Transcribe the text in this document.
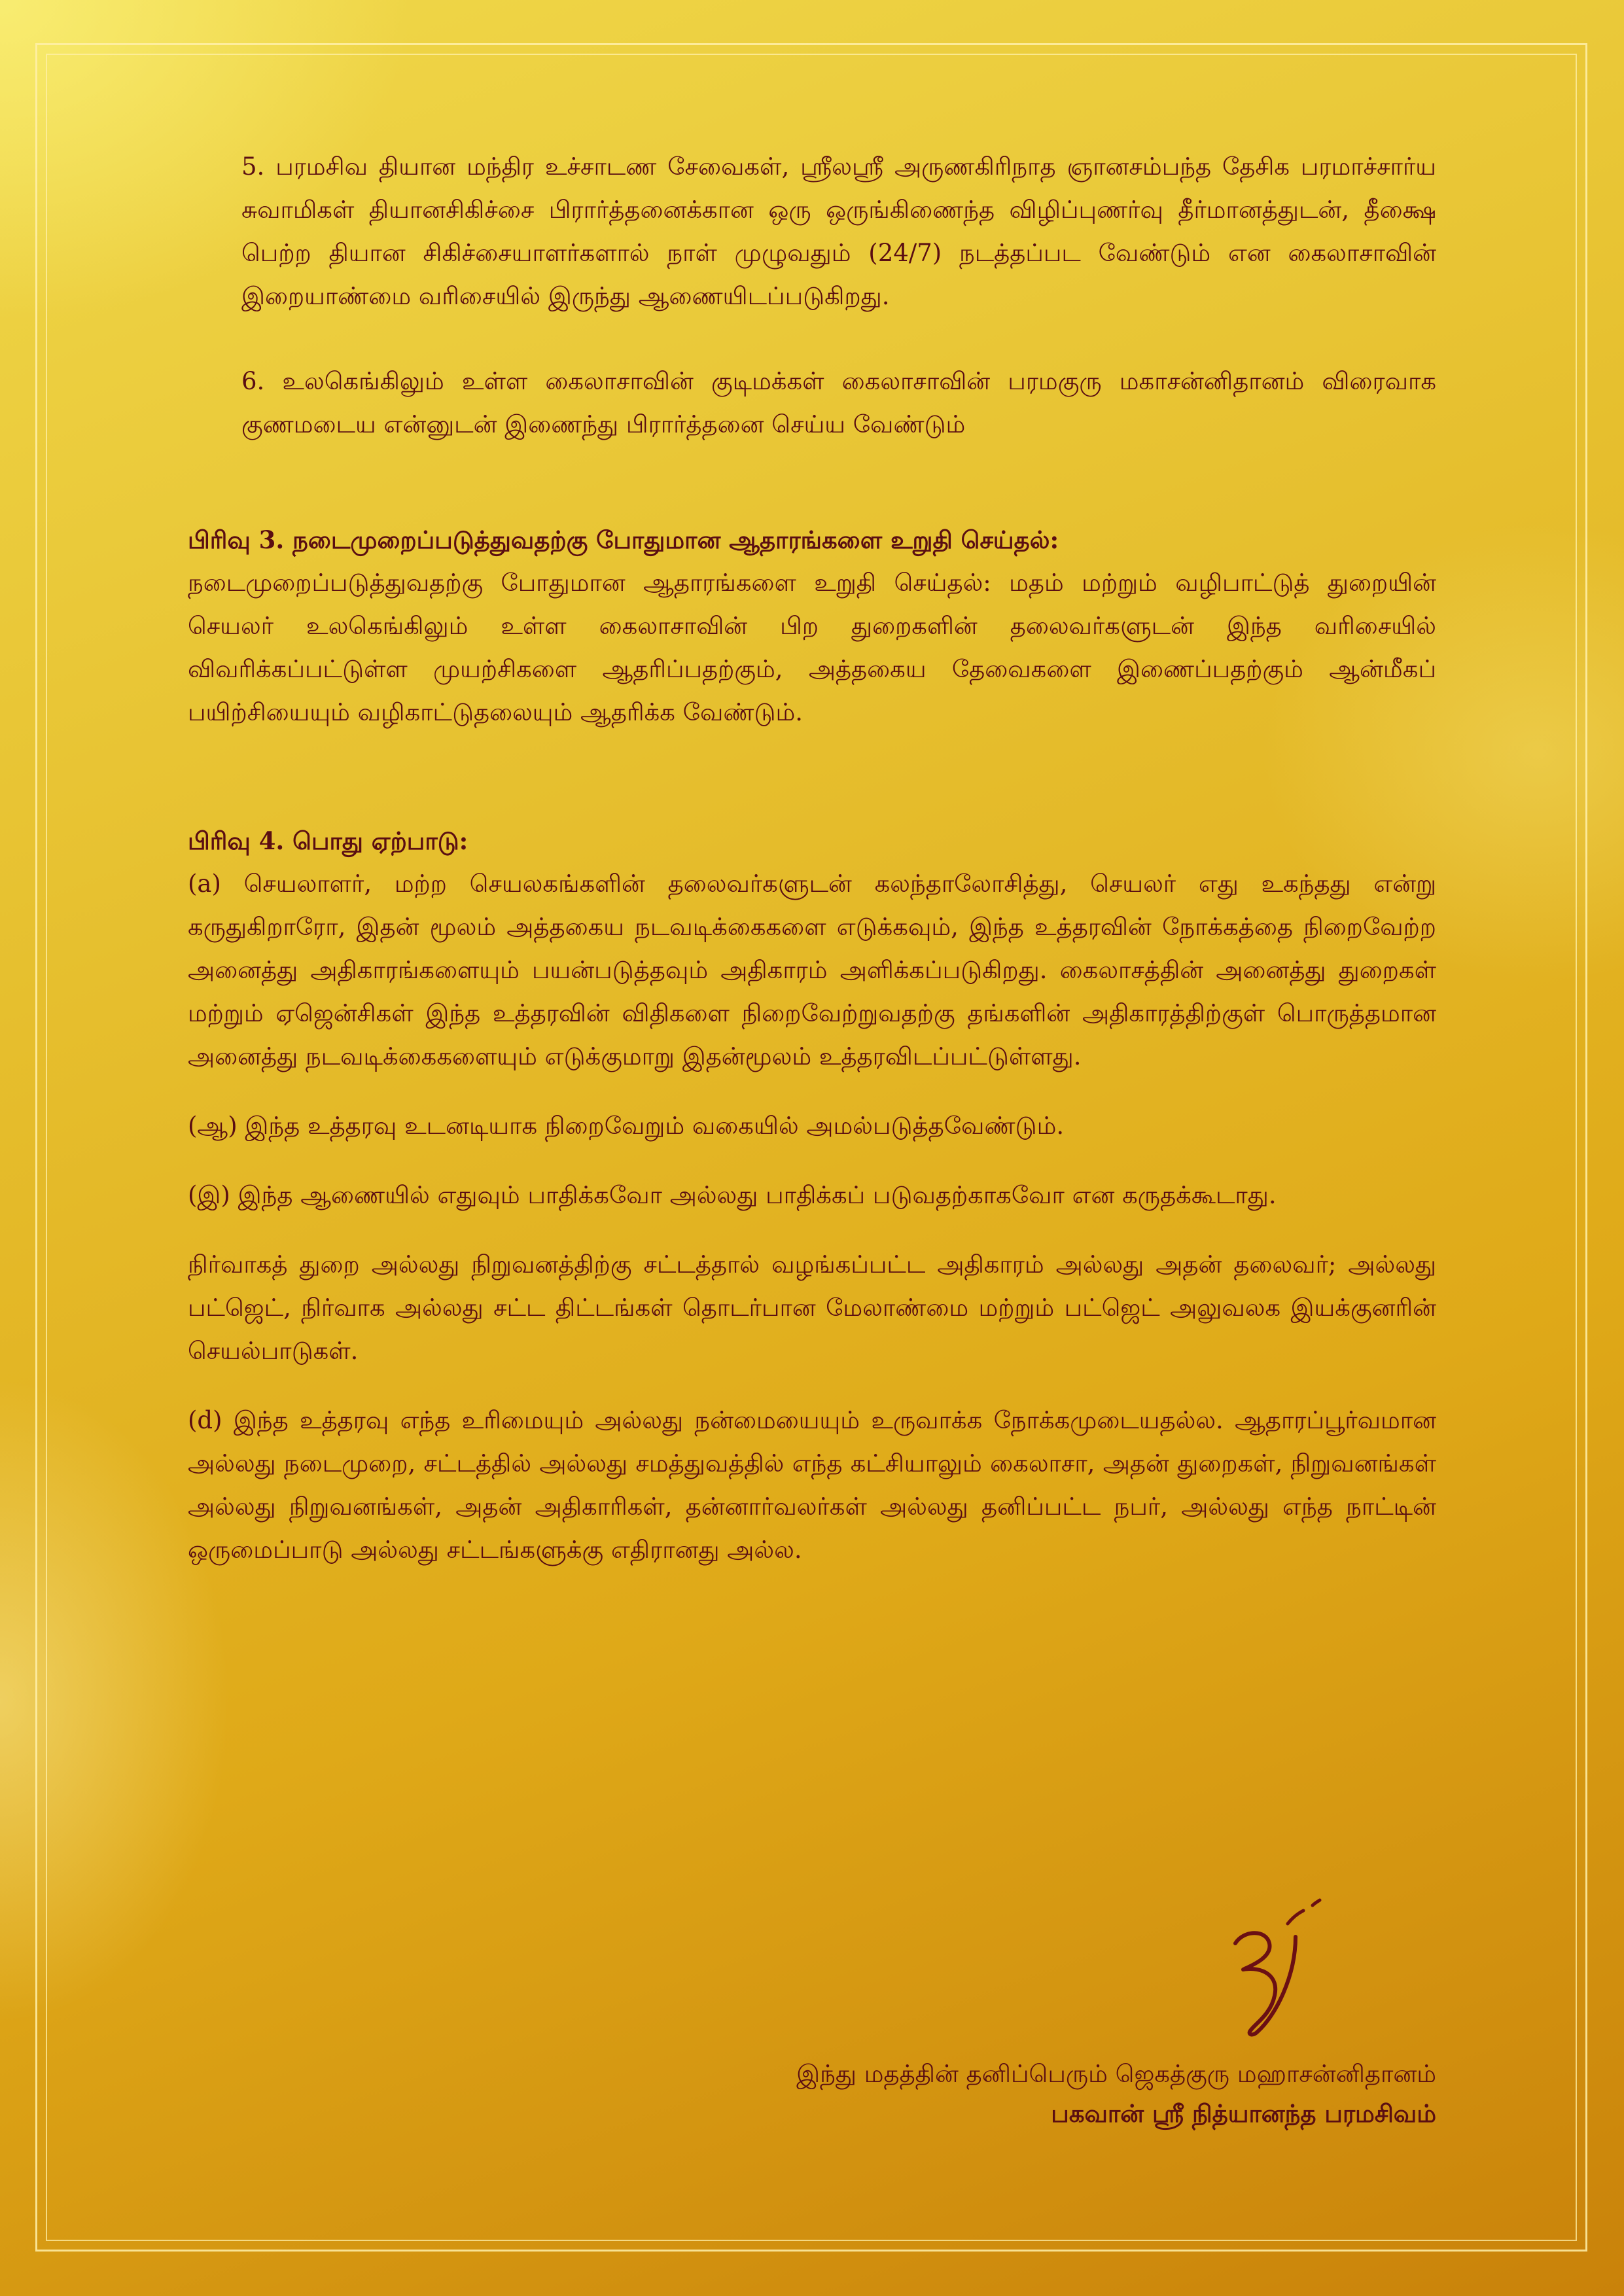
5. பரமசிவ தியான மந்திர உச்சாடண சேவைகள், ஸ்ரீலஸ்ரீ அருணகிரிநாத ஞானசம்பந்த தேசிக பரமாச்சார்ய சுவாமிகள் தியானசிகிச்சை பிரார்த்தனைக்கான ஒரு ஒருங்கிணைந்த விழிப்புணர்வு தீர்மானத்துடன், தீக்ஷை பெற்ற தியான சிகிச்சையாளர்களால் நாள் முழுவதும் (24/7) நடத்தப்பட வேண்டும் என கைலாசாவின் இறையாண்மை வரிசையில் இருந்து ஆணையிடப்படுகிறது.

6. உலகெங்கிலும் உள்ள கைலாசாவின் குடிமக்கள் கைலாசாவின் பரமகுரு மகாசன்னிதானம் விரைவாக குணமடைய என்னுடன் இணைந்து பிரார்த்தனை செய்ய வேண்டும்

பிரிவு 3. நடைமுறைப்படுத்துவதற்கு போதுமான ஆதாரங்களை உறுதி செய்தல்:

நடைமுறைப்படுத்துவதற்கு போதுமான ஆதாரங்களை உறுதி செய்தல்: மதம் மற்றும் வழிபாட்டுத் துறையின் செயலர் உலகெங்கிலும் உள்ள கைலாசாவின் பிற துறைகளின் தலைவர்களுடன் இந்த வரிசையில் விவரிக்கப்பட்டுள்ள முயற்சிகளை ஆதரிப்பதற்கும், அத்தகைய தேவைகளை இணைப்பதற்கும் ஆன்மீகப் பயிற்சியையும் வழிகாட்டுதலையும் ஆதரிக்க வேண்டும்.

பிரிவு 4. பொது ஏற்பாடு:

(a) செயலாளர், மற்ற செயலகங்களின் தலைவர்களுடன் கலந்தாலோசித்து, செயலர் எது உகந்தது என்று கருதுகிறாரோ, இதன் மூலம் அத்தகைய நடவடிக்கைகளை எடுக்கவும், இந்த உத்தரவின் நோக்கத்தை நிறைவேற்ற அனைத்து அதிகாரங்களையும் பயன்படுத்தவும் அதிகாரம் அளிக்கப்படுகிறது. கைலாசத்தின் அனைத்து துறைகள் மற்றும் ஏஜென்சிகள் இந்த உத்தரவின் விதிகளை நிறைவேற்றுவதற்கு தங்களின் அதிகாரத்திற்குள் பொருத்தமான அனைத்து நடவடிக்கைகளையும் எடுக்குமாறு இதன்மூலம் உத்தரவிடப்பட்டுள்ளது.

(ஆ) இந்த உத்தரவு உடனடியாக நிறைவேறும் வகையில் அமல்படுத்தவேண்டும்.

(இ) இந்த ஆணையில் எதுவும் பாதிக்கவோ அல்லது பாதிக்கப் படுவதற்காகவோ என கருதக்கூடாது.

நிர்வாகத் துறை அல்லது நிறுவனத்திற்கு சட்டத்தால் வழங்கப்பட்ட அதிகாரம் அல்லது அதன் தலைவர்; அல்லது பட்ஜெட், நிர்வாக அல்லது சட்ட திட்டங்கள் தொடர்பான மேலாண்மை மற்றும் பட்ஜெட் அலுவலக இயக்குனரின் செயல்பாடுகள்.

(d) இந்த உத்தரவு எந்த உரிமையும் அல்லது நன்மையையும் உருவாக்க நோக்கமுடையதல்ல. ஆதாரப்பூர்வமான அல்லது நடைமுறை, சட்டத்தில் அல்லது சமத்துவத்தில் எந்த கட்சியாலும் கைலாசா, அதன் துறைகள், நிறுவனங்கள் அல்லது நிறுவனங்கள், அதன் அதிகாரிகள், தன்னார்வலர்கள் அல்லது தனிப்பட்ட நபர், அல்லது எந்த நாட்டின் ஒருமைப்பாடு அல்லது சட்டங்களுக்கு எதிரானது அல்ல.

இந்து மதத்தின் தனிப்பெரும் ஜெகத்குரு மஹாசன்னிதானம்

பகவான் ஸ்ரீ நித்யானந்த பரமசிவம்
